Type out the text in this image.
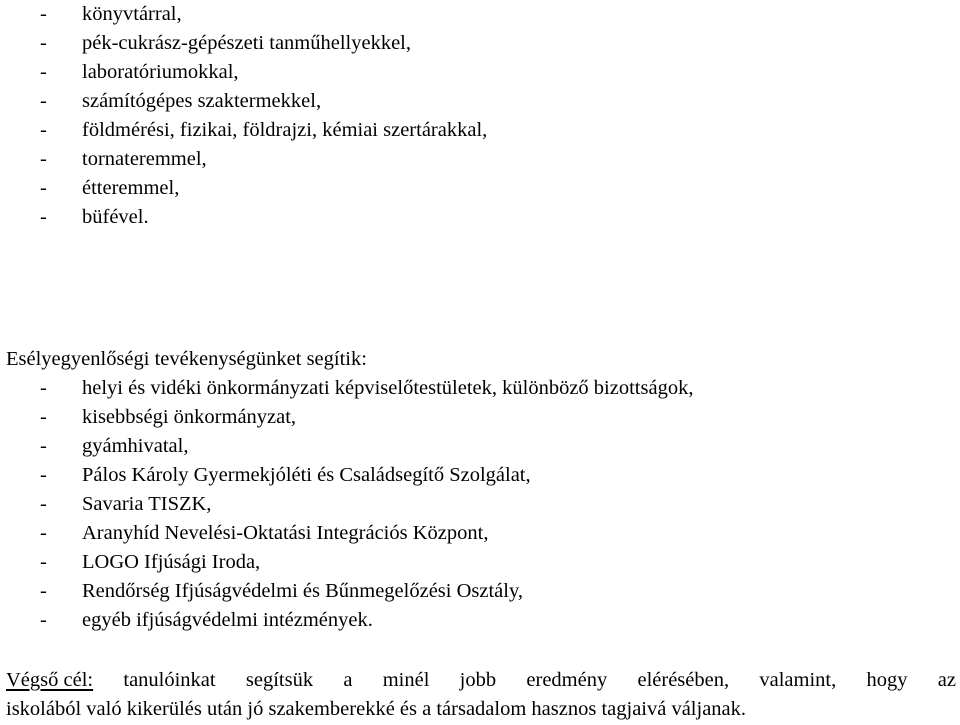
- könyvtárral,
- pék-cukrász-gépészeti tanműhellyekkel,
- laboratóriumokkal,
- számítógépes szaktermekkel,
- földmérési, fizikai, földrajzi, kémiai szertárakkal,
- tornateremmel,
- étteremmel,
- büfével.
Esélyegyenlőségi tevékenységünket segítik:
- helyi és vidéki önkormányzati képviselőtestületek, különböző bizottságok,
- kisebbségi önkormányzat,
- gyámhivatal,
- Pálos Károly Gyermekjóléti és Családsegítő Szolgálat,
- Savaria TISZK,
- Aranyhíd Nevelési-Oktatási Integrációs Központ,
- LOGO Ifjúsági Iroda,
- Rendőrség Ifjúságvédelmi és Bűnmegelőzési Osztály,
- egyéb ifjúságvédelmi intézmények.
Végső cél: tanulóinkat segítsük a minél jobb eredmény elérésében, valamint, hogy az
iskolából való kikerülés után jó szakemberekké és a társadalom hasznos tagjaivá váljanak.
